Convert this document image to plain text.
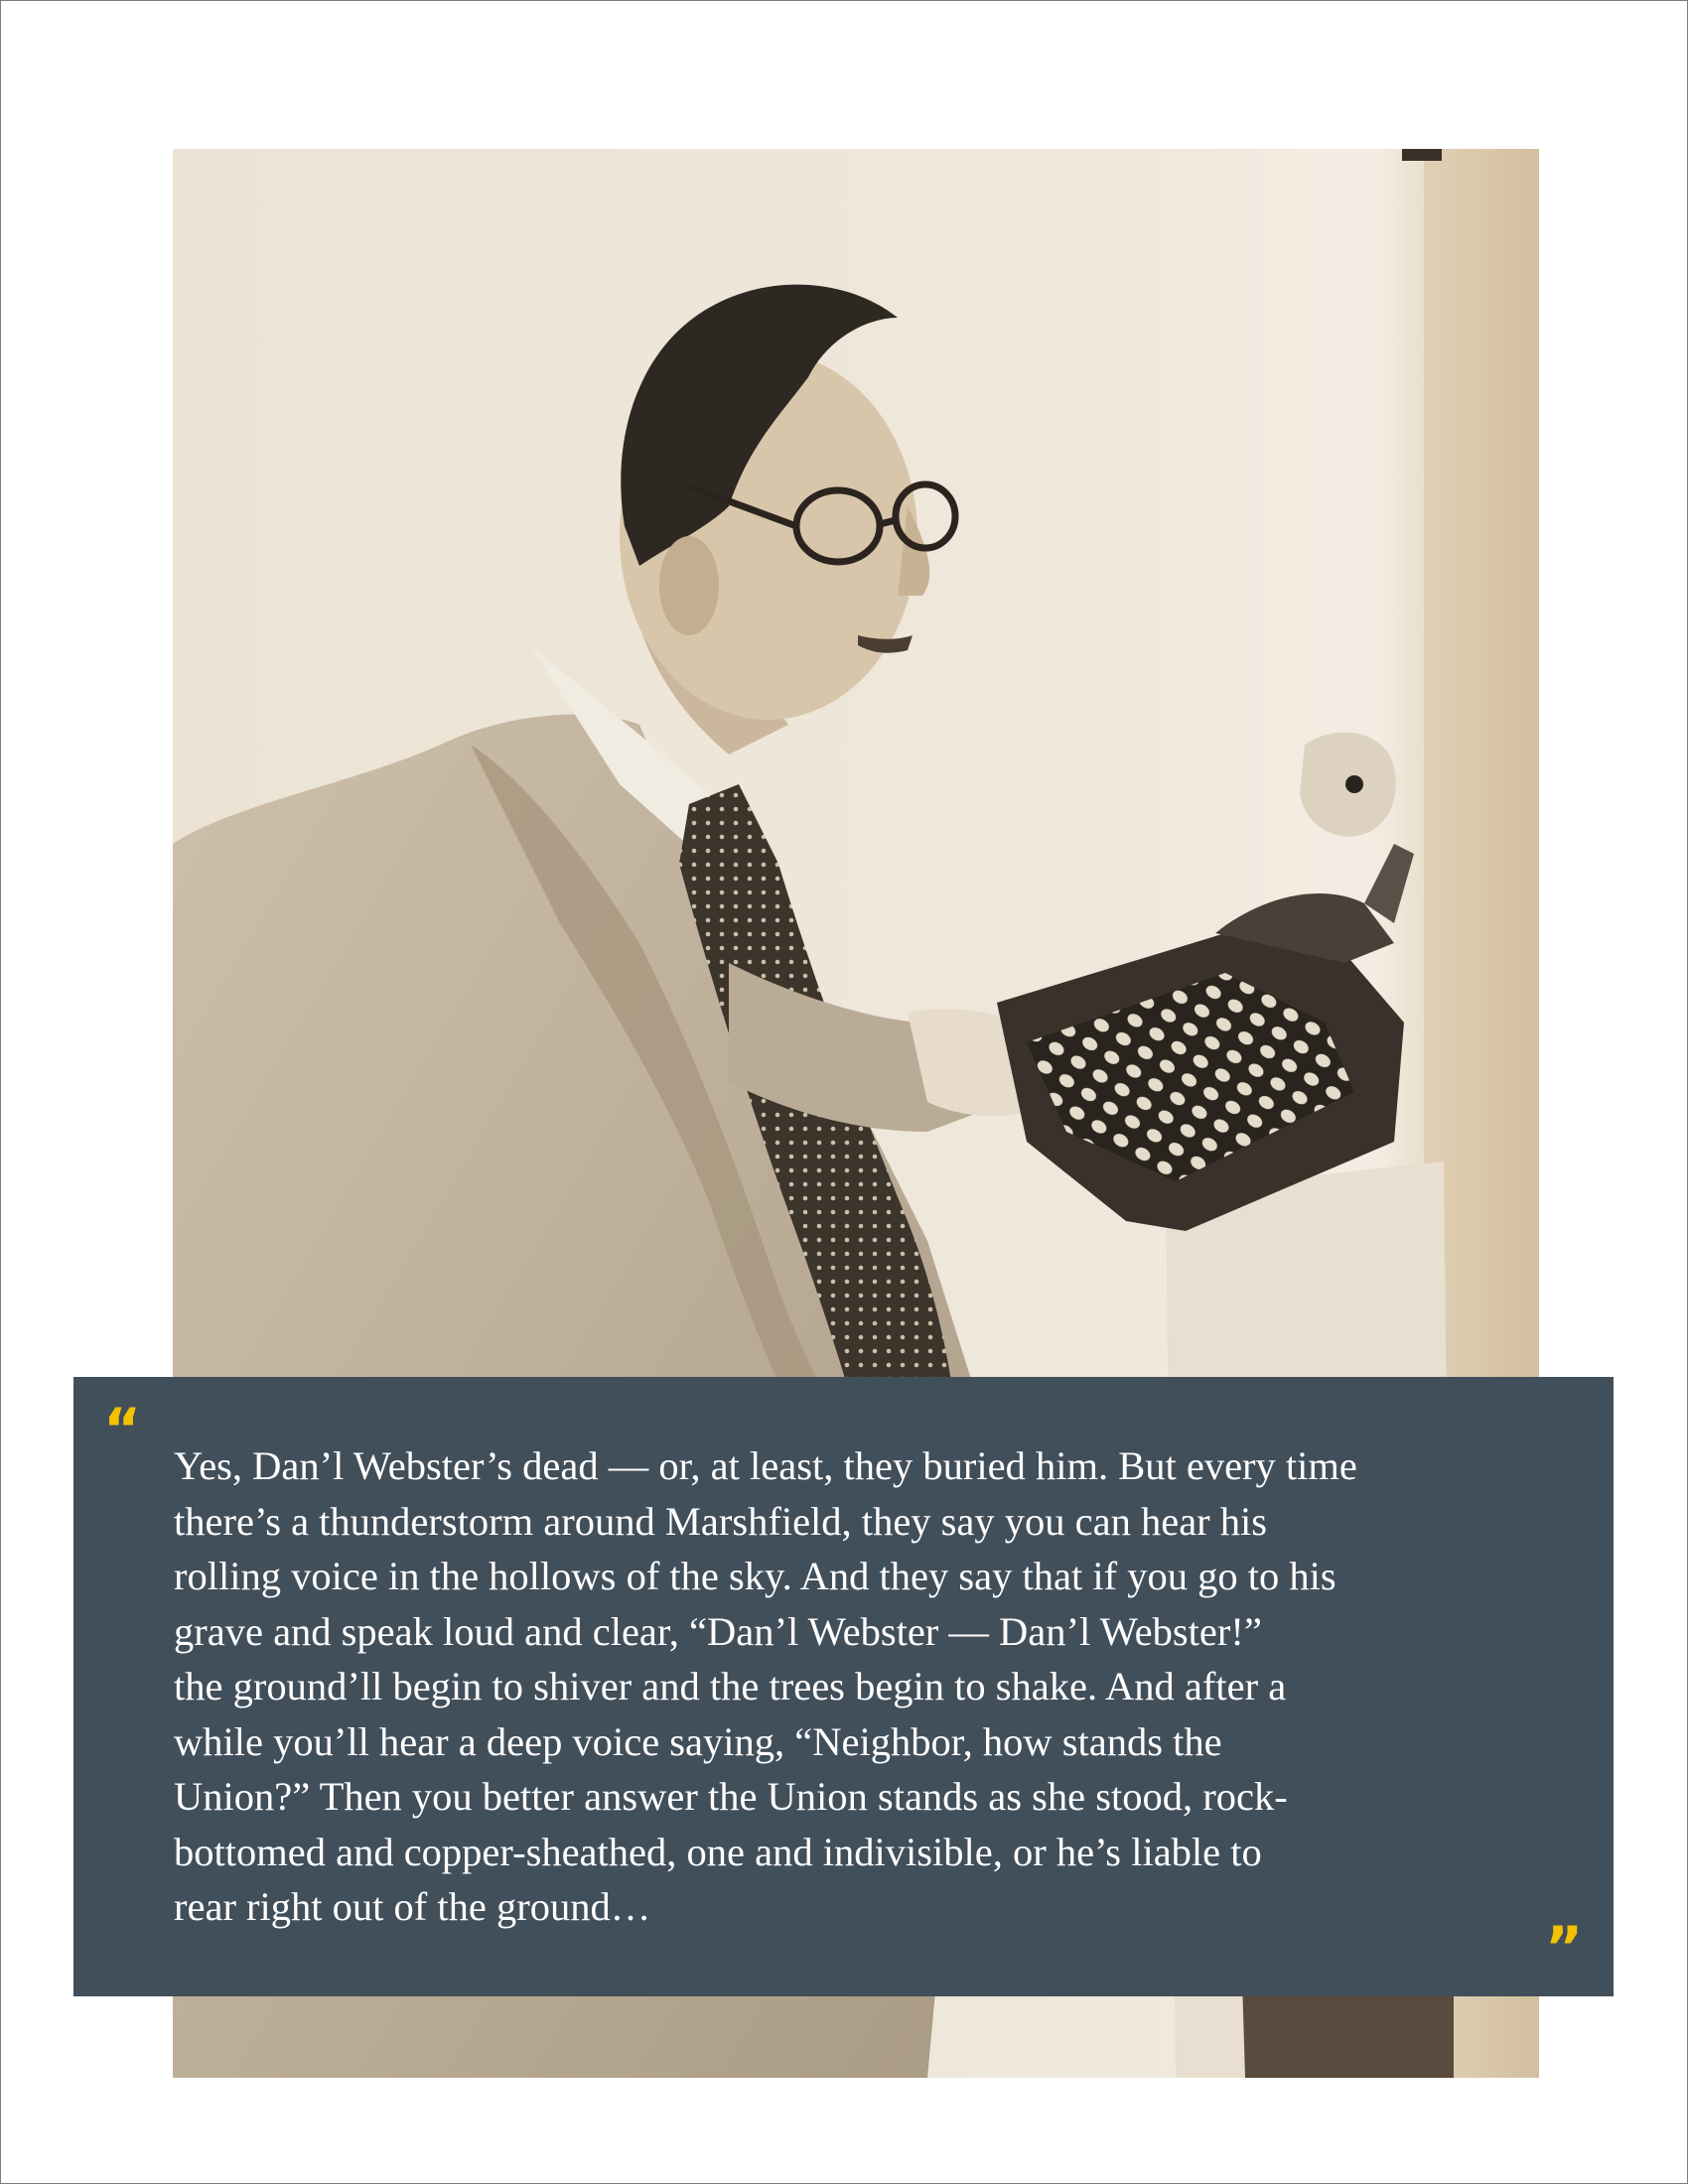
“

Yes, Dan’l Webster’s dead — or, at least, they buried him. But every time
there’s a thunderstorm around Marshfield, they say you can hear his
rolling voice in the hollows of the sky. And they say that if you go to his
grave and speak loud and clear, “Dan’l Webster — Dan’l Webster!”
the ground’ll begin to shiver and the trees begin to shake. And after a
while you’ll hear a deep voice saying, “Neighbor, how stands the
Union?” Then you better answer the Union stands as she stood, rock-
bottomed and copper-sheathed, one and indivisible, or he’s liable to
rear right out of the ground…

”
